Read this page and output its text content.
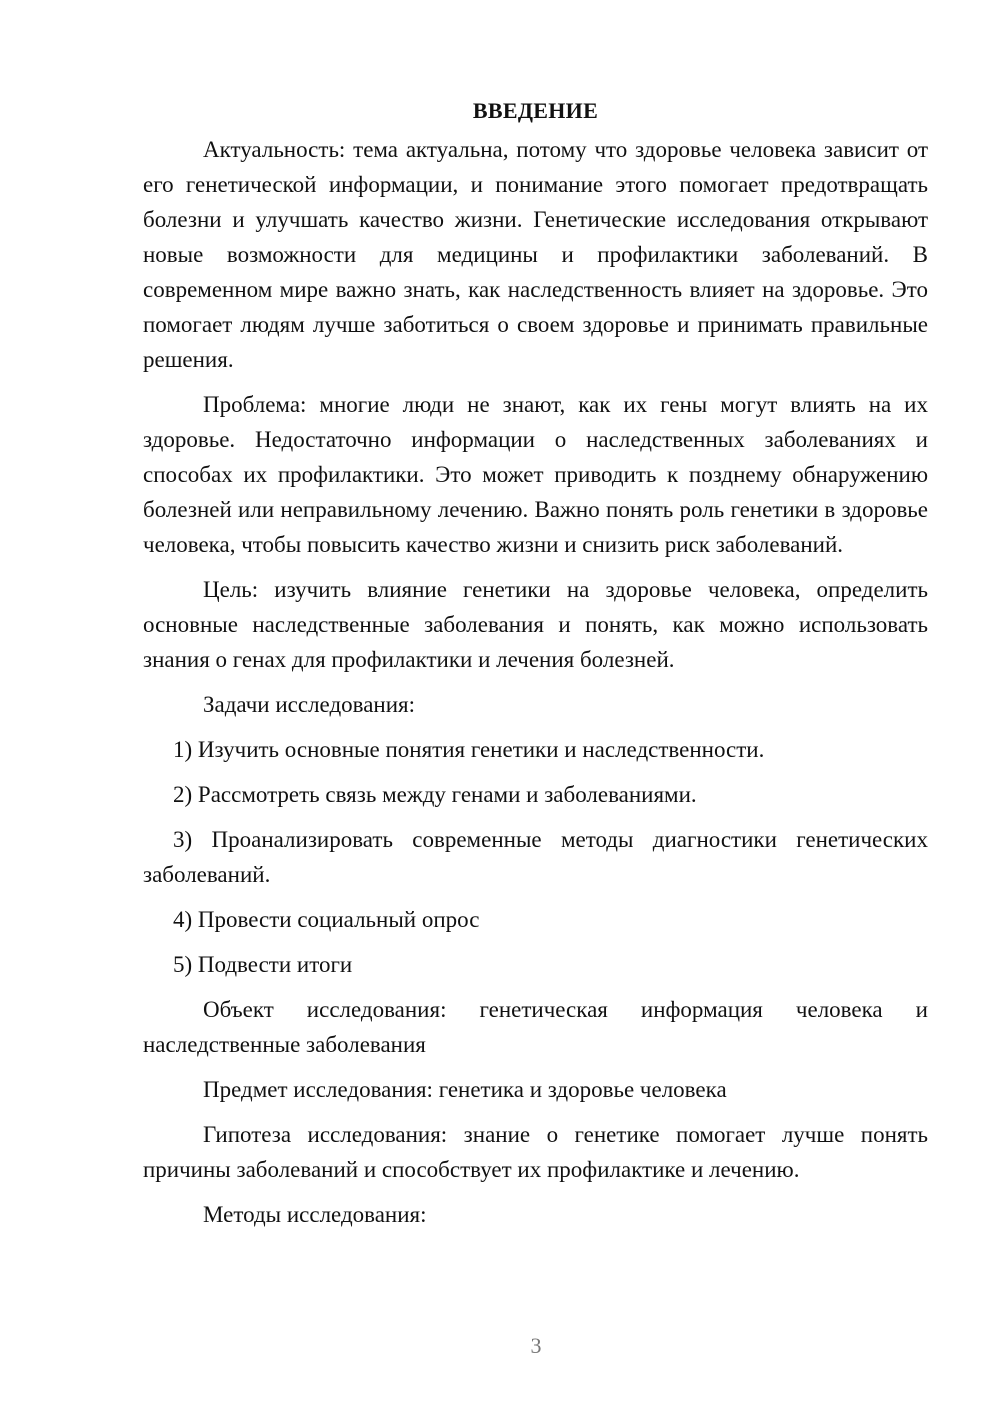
ВВЕДЕНИЕ

Актуальность: тема актуальна, потому что здоровье человека зависит от его генетической информации, и понимание этого помогает предотвращать болезни и улучшать качество жизни. Генетические исследования открывают новые возможности для медицины и профилактики заболеваний. В современном мире важно знать, как наследственность влияет на здоровье. Это помогает людям лучше заботиться о своем здоровье и принимать правильные решения.

Проблема: многие люди не знают, как их гены могут влиять на их здоровье. Недостаточно информации о наследственных заболеваниях и способах их профилактики. Это может приводить к позднему обнаружению болезней или неправильному лечению. Важно понять роль генетики в здоровье человека, чтобы повысить качество жизни и снизить риск заболеваний.

Цель: изучить влияние генетики на здоровье человека, определить основные наследственные заболевания и понять, как можно использовать знания о генах для профилактики и лечения болезней.

Задачи исследования:

1) Изучить основные понятия генетики и наследственности.

2) Рассмотреть связь между генами и заболеваниями.

3) Проанализировать современные методы диагностики генетических заболеваний.

4) Провести социальный опрос

5) Подвести итоги

Объект исследования: генетическая информация человека и наследственные заболевания

Предмет исследования: генетика и здоровье человека

Гипотеза исследования: знание о генетике помогает лучше понять причины заболеваний и способствует их профилактике и лечению.

Методы исследования:

3
